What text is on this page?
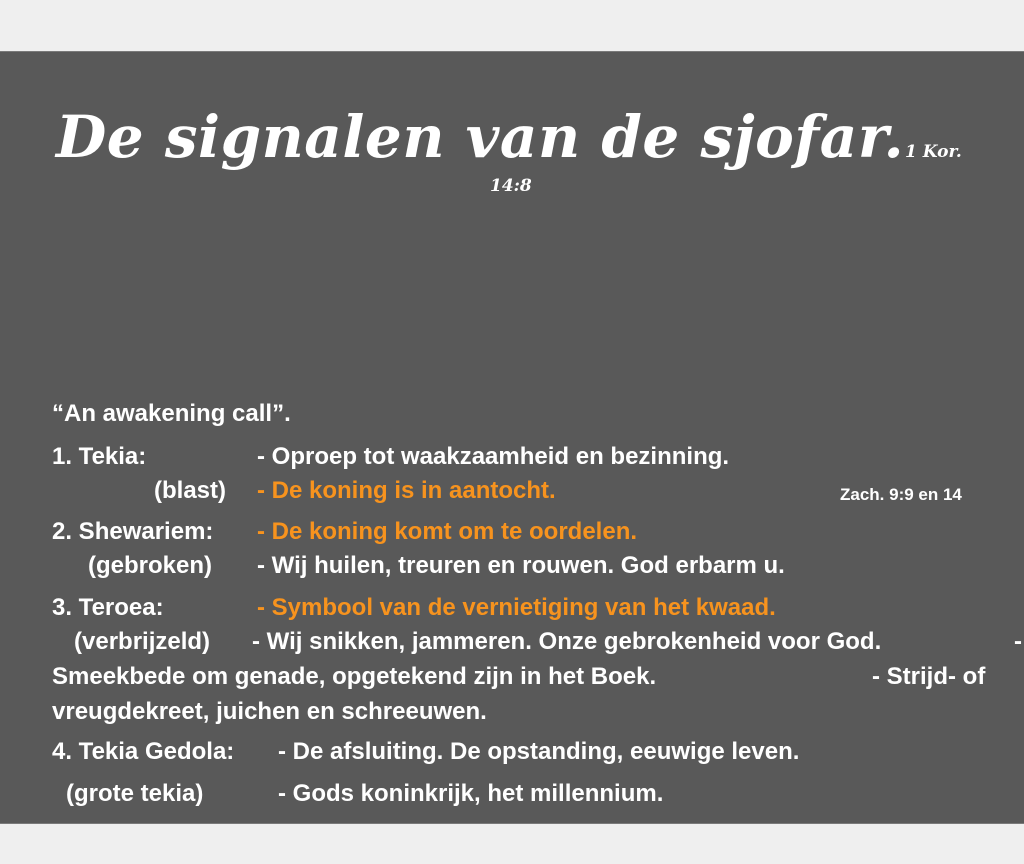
De signalen van de sjofar. 1 Kor.
14:8
“An awakening call”.
1. Tekia:	- Oproep tot waakzaamheid en bezinning.
(blast) - De koning is in aantocht.	Zach. 9:9 en 14
2. Shewariem: - De koning komt om te oordelen.
(gebroken) - Wij huilen, treuren en rouwen. God erbarm u.
3. Teroea:	- Symbool van de vernietiging van het kwaad.
(verbrijzeld) - Wij snikken, jammeren. Onze gebrokenheid voor God.	-
Smeekbede om genade, opgetekend zijn in het Boek.	- Strijd- of
vreugdekreet, juichen en schreeuwen.
4. Tekia Gedola: - De afsluiting. De opstanding, eeuwige leven.
(grote tekia)	- Gods koninkrijk, het millennium.
